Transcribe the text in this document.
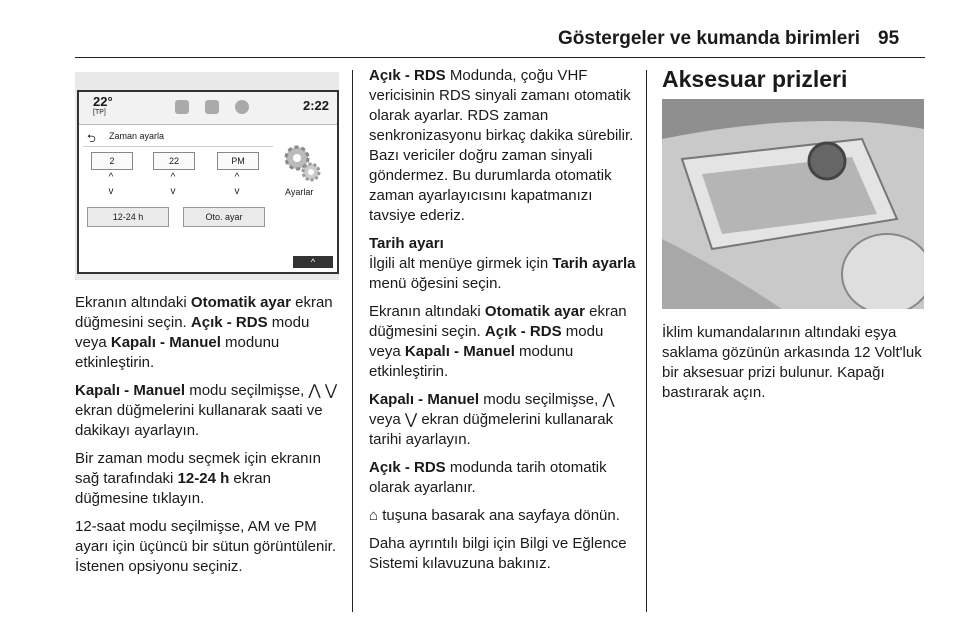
Göstergeler ve kumanda birimleri 95
22°
[TP]	2:22
⮌ Zaman ayarla
2	22	PM
^
v
^
v
^
v
12-24 h	Oto. ayar
Ayarlar
^

Ekranın altındaki Otomatik ayar ekran düğmesini seçin. Açık - RDS modu veya Kapalı - Manuel modunu etkinleştirin.

Kapalı - Manuel modu seçilmişse, ⋀ ⋁ ekran düğmelerini kullanarak saati ve dakikayı ayarlayın.

Bir zaman modu seçmek için ekranın sağ tarafındaki 12-24 h ekran düğmesine tıklayın.

12-saat modu seçilmişse, AM ve PM ayarı için üçüncü bir sütun görüntülenir. İstenen opsiyonu seçiniz.

Açık - RDS Modunda, çoğu VHF vericisinin RDS sinyali zamanı otomatik olarak ayarlar. RDS zaman senkronizasyonu birkaç dakika sürebilir. Bazı vericiler doğru zaman sinyali göndermez. Bu durumlarda otomatik zaman ayarlayıcısını kapatmanızı tavsiye ederiz.

Tarih ayarı

İlgili alt menüye girmek için Tarih ayarla menü öğesini seçin.

Ekranın altındaki Otomatik ayar ekran düğmesini seçin. Açık - RDS modu veya Kapalı - Manuel modunu etkinleştirin.

Kapalı - Manuel modu seçilmişse, ⋀ veya ⋁ ekran düğmelerini kullanarak tarihi ayarlayın.

Açık - RDS modunda tarih otomatik olarak ayarlanır.

⌂ tuşuna basarak ana sayfaya dönün.

Daha ayrıntılı bilgi için Bilgi ve Eğlence Sistemi kılavuzuna bakınız.

Aksesuar prizleri

İklim kumandalarının altındaki eşya saklama gözünün arkasında 12 Volt'luk bir aksesuar prizi bulunur. Kapağı bastırarak açın.
